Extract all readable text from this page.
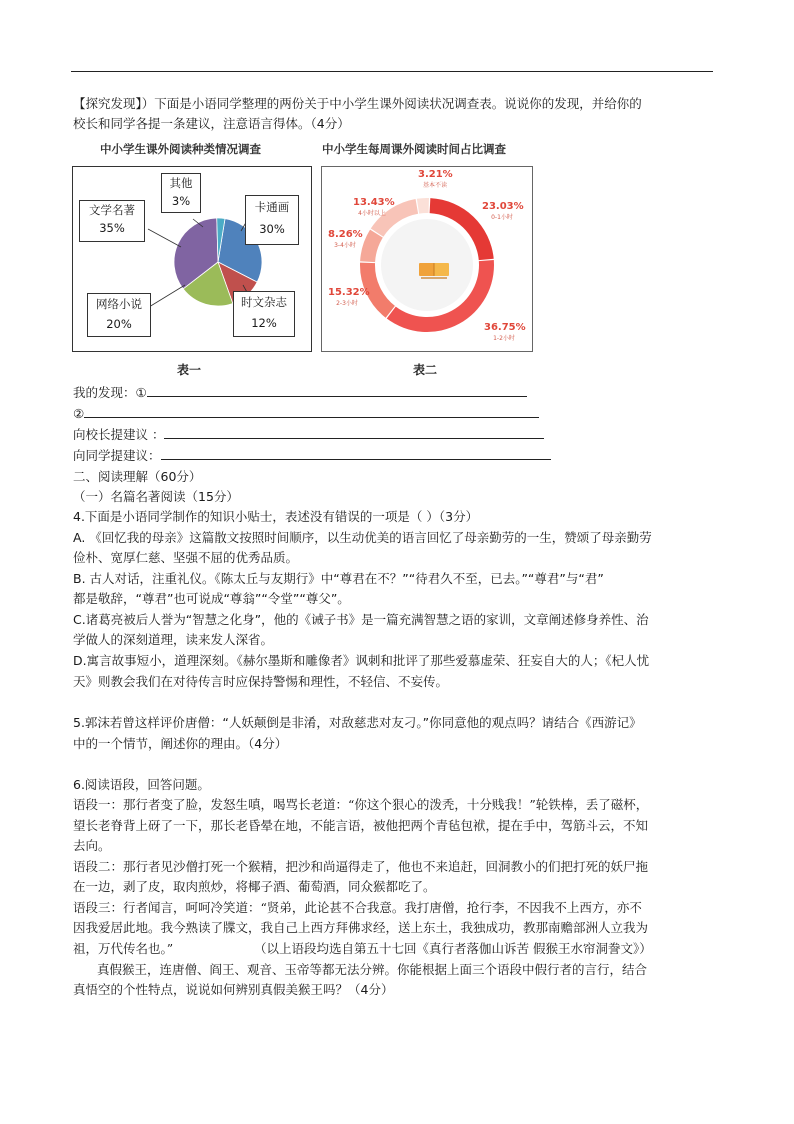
【探究发现】）下面是小语同学整理的两份关于中小学生课外阅读状况调查表。说说你的发现，并给你的
校长和同学各提一条建议，注意语言得体。（4分）
中小学生课外阅读种类情况调查	中小学生每周课外阅读时间占比调查
其他
3%
文学名著
35%
卡通画
30%
网络小说
20%
时文杂志
12%
3.21%
基本不读
13.43%
4小时以上
23.03%
0-1小时
8.26%
3-4小时
15.32%
2-3小时
36.75%
1-2小时
表一	表二
我的发现：①
②
向校长提建议 ：
向同学提建议：
二、阅读理解（60分）
（一）名篇名著阅读（15分）
4.下面是小语同学制作的知识小贴士，表述没有错误的一项是（ ）（3分）
A. 《回忆我的母亲》这篇散文按照时间顺序，以生动优美的语言回忆了母亲勤劳的一生，赞颂了母亲勤劳
俭朴、宽厚仁慈、坚强不屈的优秀品质。
B. 古人对话，注重礼仪。《陈太丘与友期行》中“尊君在不？”“待君久不至，已去。”“尊君”与“君”
都是敬辞，“尊君”也可说成“尊翁”“令堂”“尊父”。
C.诸葛亮被后人誉为“智慧之化身”，他的《诫子书》是一篇充满智慧之语的家训，文章阐述修身养性、治
学做人的深刻道理，读来发人深省。
D.寓言故事短小，道理深刻。《赫尔墨斯和雕像者》讽刺和批评了那些爱慕虚荣、狂妄自大的人；《杞人忧
天》则教会我们在对待传言时应保持警惕和理性，不轻信、不妄传。
5.郭沫若曾这样评价唐僧：“人妖颠倒是非淆，对敌慈悲对友刁。”你同意他的观点吗？请结合《西游记》
中的一个情节，阐述你的理由。（4分）
6.阅读语段，回答问题。
语段一：那行者变了脸，发怒生嗔，喝骂长老道：“你这个狠心的泼秃，十分贱我！”轮铁棒，丢了磁杯，
望长老脊背上砑了一下，那长老昏晕在地，不能言语，被他把两个青毡包袱，提在手中，驾筋斗云，不知
去向。
语段二：那行者见沙僧打死一个猴精，把沙和尚逼得走了，他也不来追赶，回洞教小的们把打死的妖尸拖
在一边，剥了皮，取肉煎炒，将椰子酒、葡萄酒，同众猴都吃了。
语段三：行者闻言，呵呵冷笑道：“贤弟，此论甚不合我意。我打唐僧，抢行李，不因我不上西方，亦不
因我爱居此地。我今熟读了牒文，我自己上西方拜佛求经，送上东土，我独成功，教那南赡部洲人立我为
祖，万代传名也。”	（以上语段均选自第五十七回《真行者落伽山诉苦 假猴王水帘洞誊文》）
真假猴王，连唐僧、阎王、观音、玉帝等都无法分辨。你能根据上面三个语段中假行者的言行，结合
真悟空的个性特点，说说如何辨别真假美猴王吗？（4分）
